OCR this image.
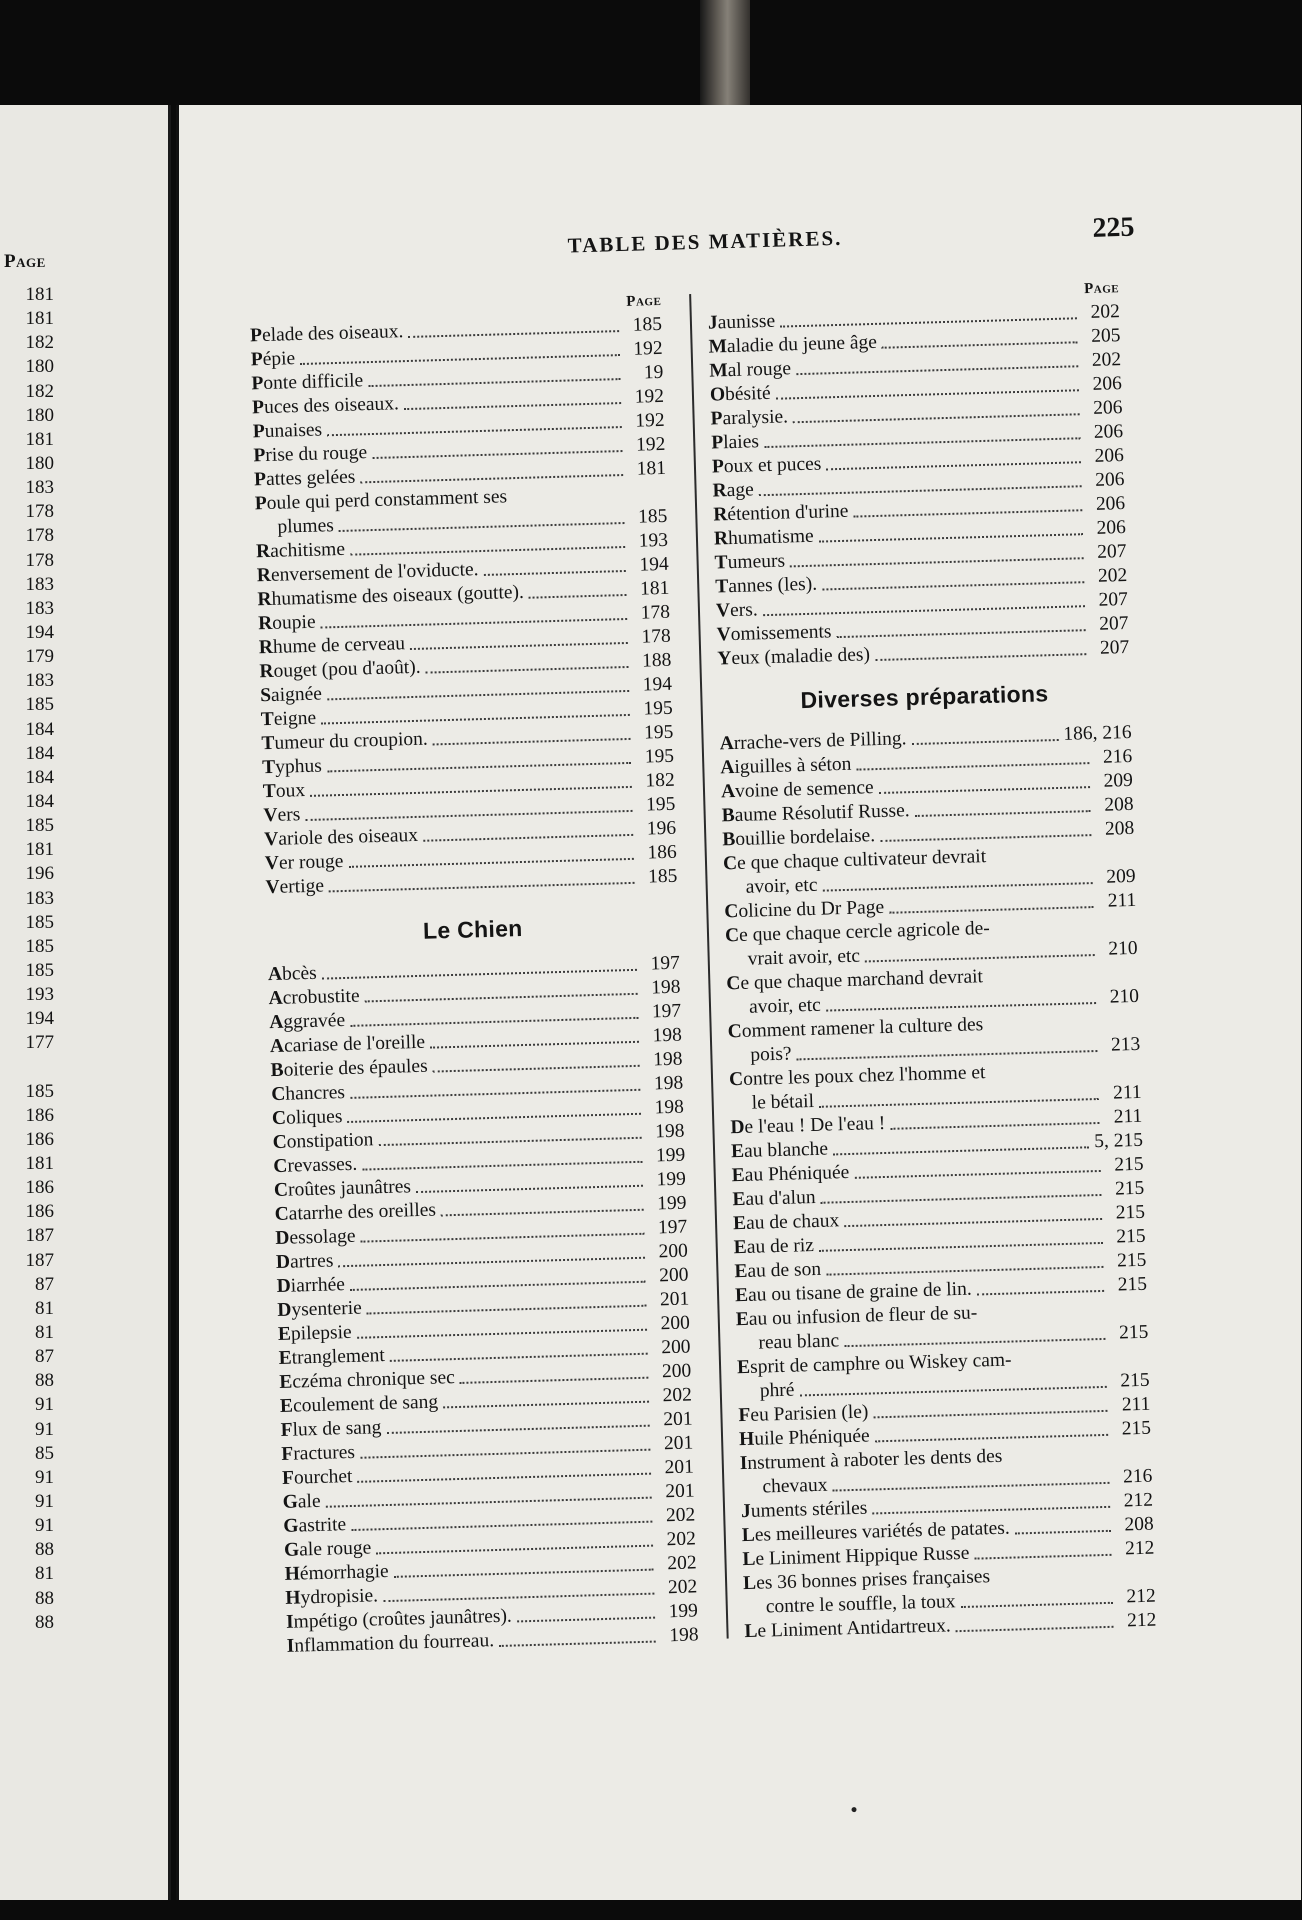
Page
181
181
182
180
182
180
181
180
183
178
178
178
183
183
194
179
183
185
184
184
184
184
185
181
196
183
185
185
185
193
194
177
185
186
186
181
186
186
187
187
87
81
81
87
88
91
91
85
91
91
91
88
81
88
88
TABLE DES MATIÈRES.	225
Page
Pelade des oiseaux.	185
Pépie	192
Ponte difficile	19
Puces des oiseaux.	192
Punaises	192
Prise du rouge	192
Pattes gelées	181
Poule qui perd constamment ses
plumes	185
Rachitisme	193
Renversement de l'oviducte.	194
Rhumatisme des oiseaux (goutte).	181
Roupie	178
Rhume de cerveau	178
Rouget (pou d'août).	188
Saignée	194
Teigne	195
Tumeur du croupion.	195
Typhus	195
Toux	182
Vers	195
Variole des oiseaux	196
Ver rouge	186
Vertige	185
Le Chien
Abcès	197
Acrobustite	198
Aggravée	197
Acariase de l'oreille	198
Boiterie des épaules	198
Chancres	198
Coliques	198
Constipation	198
Crevasses.	199
Croûtes jaunâtres	199
Catarrhe des oreilles	199
Dessolage	197
Dartres	200
Diarrhée	200
Dysenterie	201
Epilepsie	200
Etranglement	200
Eczéma chronique sec	200
Ecoulement de sang	202
Flux de sang	201
Fractures	201
Fourchet	201
Gale	201
Gastrite	202
Gale rouge	202
Hémorrhagie	202
Hydropisie.	202
Impétigo (croûtes jaunâtres).	199
Inflammation du fourreau.	198
Page
Jaunisse	202
Maladie du jeune âge	205
Mal rouge	202
Obésité	206
Paralysie.	206
Plaies	206
Poux et puces	206
Rage	206
Rétention d'urine	206
Rhumatisme	206
Tumeurs	207
Tannes (les).	202
Vers.	207
Vomissements	207
Yeux (maladie des)	207
Diverses préparations
Arrache-vers de Pilling.	186, 216
Aiguilles à séton	216
Avoine de semence	209
Baume Résolutif Russe.	208
Bouillie bordelaise.	208
Ce que chaque cultivateur devrait
avoir, etc	209
Colicine du Dr Page	211
Ce que chaque cercle agricole de-
vrait avoir, etc	210
Ce que chaque marchand devrait
avoir, etc	210
Comment ramener la culture des
pois?	213
Contre les poux chez l'homme et
le bétail	211
De l'eau ! De l'eau !	211
Eau blanche	5, 215
Eau Phéniquée	215
Eau d'alun	215
Eau de chaux	215
Eau de riz	215
Eau de son	215
Eau ou tisane de graine de lin.	215
Eau ou infusion de fleur de su-
reau blanc	215
Esprit de camphre ou Wiskey cam-
phré	215
Feu Parisien (le)	211
Huile Phéniquée	215
Instrument à raboter les dents des
chevaux	216
Juments stériles	212
Les meilleures variétés de patates.	208
Le Liniment Hippique Russe	212
Les 36 bonnes prises françaises
contre le souffle, la toux	212
Le Liniment Antidartreux.	212
